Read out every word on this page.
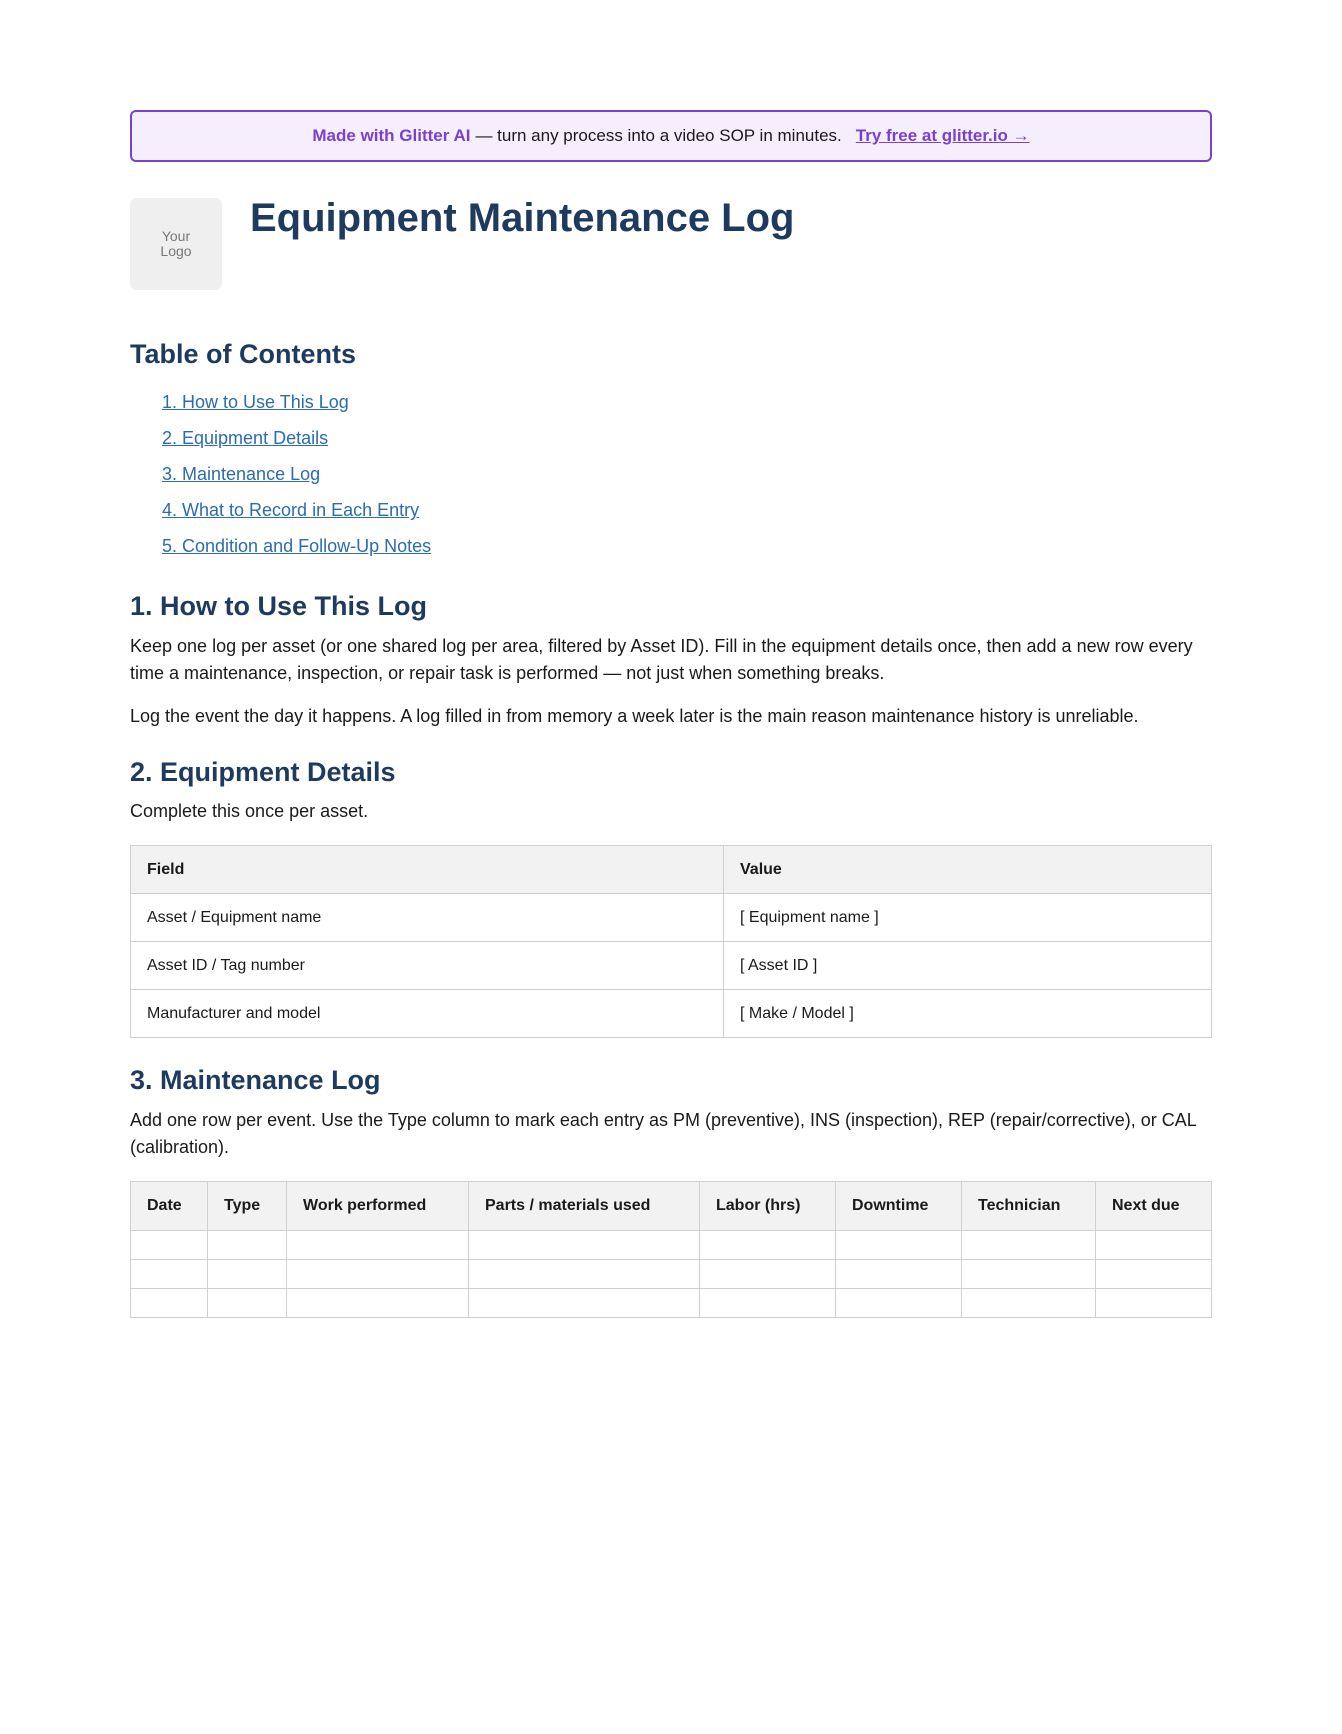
Made with Glitter AI — turn any process into a video SOP in minutes. Try free at glitter.io →
Your Logo
Equipment Maintenance Log
Table of Contents
1. How to Use This Log
2. Equipment Details
3. Maintenance Log
4. What to Record in Each Entry
5. Condition and Follow-Up Notes
1. How to Use This Log

Keep one log per asset (or one shared log per area, filtered by Asset ID). Fill in the equipment details once, then add a new row every time a maintenance, inspection, or repair task is performed — not just when something breaks.

Log the event the day it happens. A log filled in from memory a week later is the main reason maintenance history is unreliable.

2. Equipment Details

Complete this once per asset.

Field	Value
Asset / Equipment name	[ Equipment name ]
Asset ID / Tag number	[ Asset ID ]
Manufacturer and model	[ Make / Model ]
3. Maintenance Log

Add one row per event. Use the Type column to mark each entry as PM (preventive), INS (inspection), REP (repair/corrective), or CAL (calibration).

Date	Type	Work performed	Parts / materials used	Labor (hrs)	Downtime	Technician	Next due
